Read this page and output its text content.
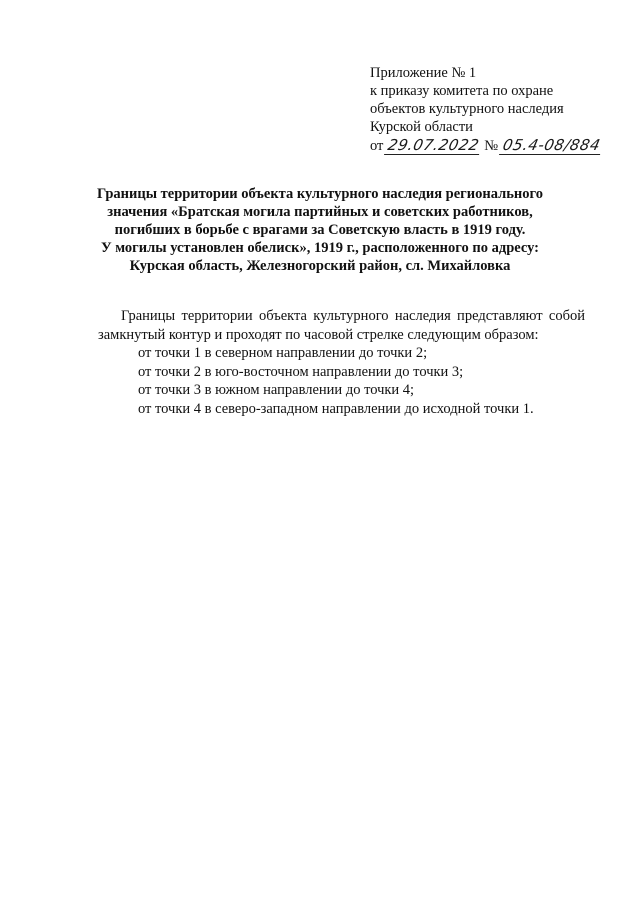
Приложение № 1
к приказу комитета по охране
объектов культурного наследия
Курской области
от 29.07.2022 № 05.4-08/884
Границы территории объекта культурного наследия регионального
значения «Братская могила партийных и советских работников,
погибших в борьбе с врагами за Советскую власть в 1919 году.
У могилы установлен обелиск», 1919 г., расположенного по адресу:
Курская область, Железногорский район, сл. Михайловка

Границы территории объекта культурного наследия представляют собой замкнутый контур и проходят по часовой стрелке следующим образом:

от точки 1 в северном направлении до точки 2;
от точки 2 в юго-восточном направлении до точки 3;
от точки 3 в южном направлении до точки 4;
от точки 4 в северо-западном направлении до исходной точки 1.
